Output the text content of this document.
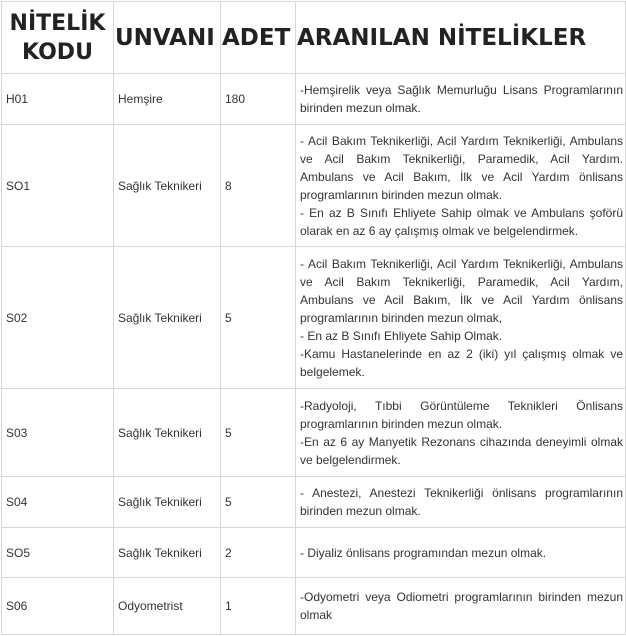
NİTELİK
KODU	UNVANI	ADET	ARANILAN NİTELİKLER
H01	Hemşire	180	-Hemşirelik veya Sağlık Memurluğu Lisans Programlarının birinden mezun olmak.

SO1	Sağlık Teknikeri	8	- Acil Bakım Teknikerliği, Acil Yardım Teknikerliği, Ambulans ve Acil Bakım Teknikerliği, Paramedik, Acil Yardım. Ambulans ve Acil Bakım, İlk ve Acil Yardım önlisans programlarının birinden mezun olmak.
- En az B Sınıfı Ehliyete Sahip olmak ve Ambulans şoförü olarak en az 6 ay çalışmış olmak ve belgelendirmek.

S02	Sağlık Teknikeri	5	- Acil Bakım Teknikerliği, Acil Yardım Teknikerliği, Ambulans ve Acil Bakım Teknikerliği, Paramedik, Acil Yardım, Ambulans ve Acil Bakım, İlk ve Acil Yardım önlisans programlarının birinden mezun olmak,
- En az B Sınıfı Ehliyete Sahip Olmak.
-Kamu Hastanelerinde en az 2 (iki) yıl çalışmış olmak ve belgelemek.

S03	Sağlık Teknikeri	5	-Radyoloji, Tıbbi Görüntüleme Teknikleri Önlisans programlarının birinden mezun olmak.
-En az 6 ay Manyetik Rezonans cihazında deneyimli olmak ve belgelendirmek.

S04	Sağlık Teknikeri	5	- Anestezi, Anestezi Teknikerliği önlisans programlarının birinden mezun olmak.

SO5	Sağlık Teknikeri	2	- Diyaliz önlisans programından mezun olmak.

S06	Odyometrist	1	-Odyometri veya Odiometri programlarının birinden mezun olmak
